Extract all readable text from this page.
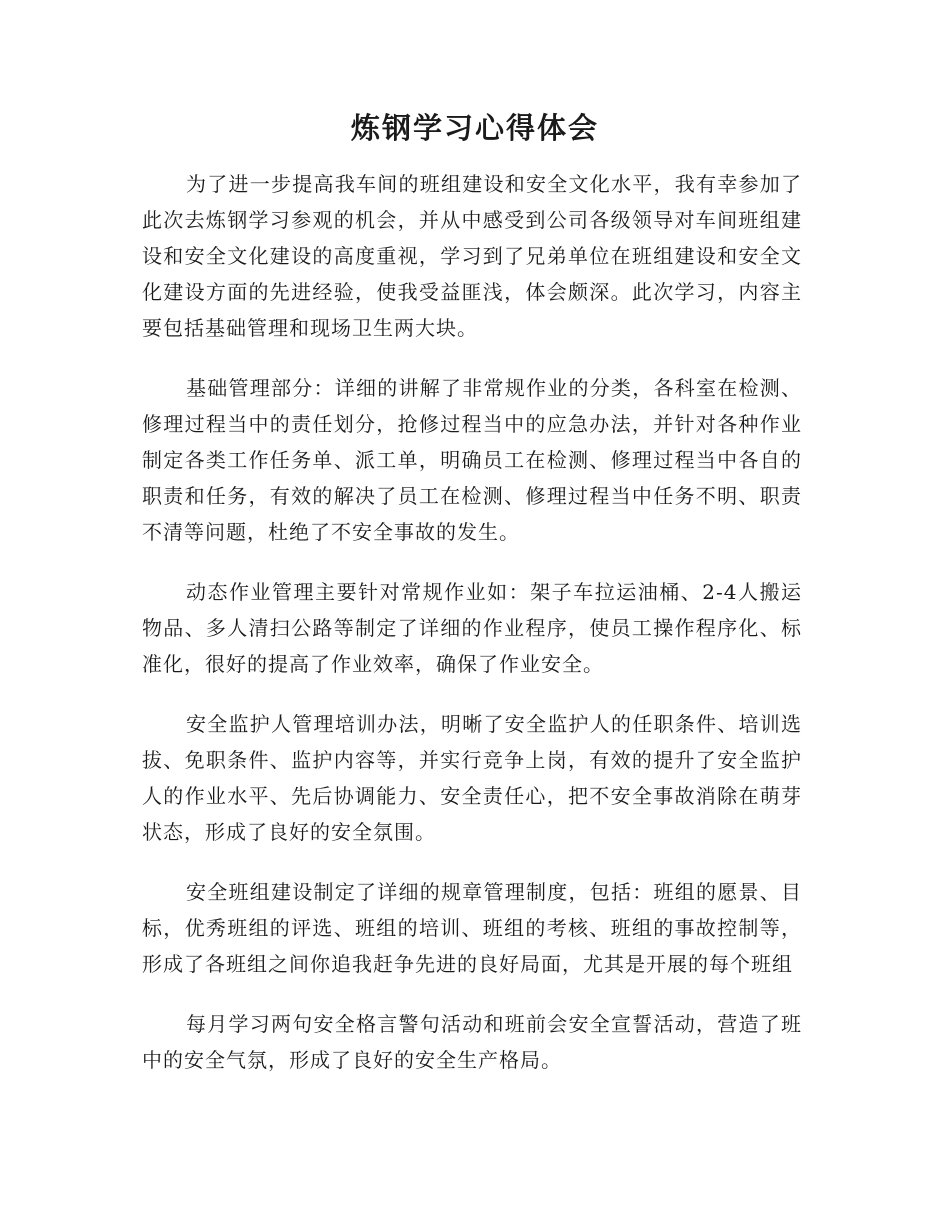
炼钢学习心得体会

为了进一步提高我车间的班组建设和安全文化水平，我有幸参加了此次去炼钢学习参观的机会，并从中感受到公司各级领导对车间班组建设和安全文化建设的高度重视，学习到了兄弟单位在班组建设和安全文化建设方面的先进经验，使我受益匪浅，体会颇深。此次学习，内容主要包括基础管理和现场卫生两大块。

基础管理部分：详细的讲解了非常规作业的分类，各科室在检测、修理过程当中的责任划分，抢修过程当中的应急办法，并针对各种作业制定各类工作任务单、派工单，明确员工在检测、修理过程当中各自的职责和任务，有效的解决了员工在检测、修理过程当中任务不明、职责不清等问题，杜绝了不安全事故的发生。

动态作业管理主要针对常规作业如：架子车拉运油桶、2-4人搬运物品、多人清扫公路等制定了详细的作业程序，使员工操作程序化、标准化，很好的提高了作业效率，确保了作业安全。

安全监护人管理培训办法，明晰了安全监护人的任职条件、培训选拔、免职条件、监护内容等，并实行竞争上岗，有效的提升了安全监护人的作业水平、先后协调能力、安全责任心，把不安全事故消除在萌芽状态，形成了良好的安全氛围。

安全班组建设制定了详细的规章管理制度，包括：班组的愿景、目标，优秀班组的评选、班组的培训、班组的考核、班组的事故控制等，形成了各班组之间你追我赶争先进的良好局面，尤其是开展的每个班组

每月学习两句安全格言警句活动和班前会安全宣誓活动，营造了班中的安全气氛，形成了良好的安全生产格局。
